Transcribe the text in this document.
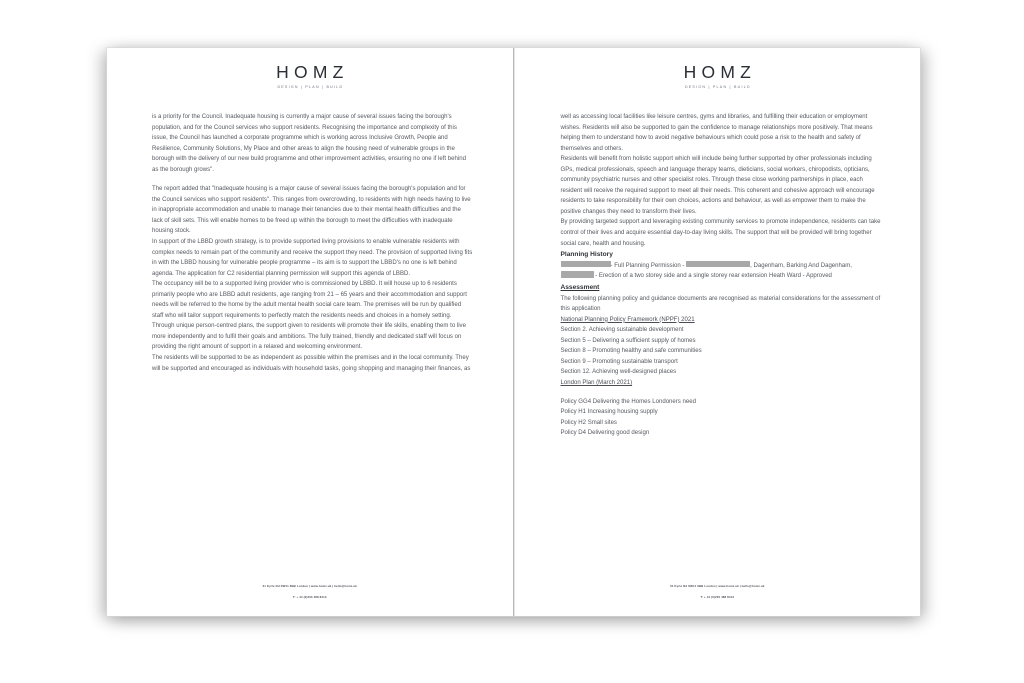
HOMZ
DESIGN | PLAN | BUILD

is a priority for the Council. Inadequate housing is currently a major cause of several issues facing the borough's population, and for the Council services who support residents. Recognising the importance and complexity of this issue, the Council has launched a corporate programme which is working across Inclusive Growth, People and Resilience, Community Solutions, My Place and other areas to align the housing need of vulnerable groups in the borough with the delivery of our new build programme and other improvement activities, ensuring no one if left behind as the borough grows".

The report added that "Inadequate housing is a major cause of several issues facing the borough's population and for the Council services who support residents". This ranges from overcrowding, to residents with high needs having to live in inappropriate accommodation and unable to manage their tenancies due to their mental health difficulties and the lack of skill sets. This will enable homes to be freed up within the borough to meet the difficulties with inadequate housing stock.

In support of the LBBD growth strategy, is to provide supported living provisions to enable vulnerable residents with complex needs to remain part of the community and receive the support they need. The provision of supported living fits in with the LBBD housing for vulnerable people programme – its aim is to support the LBBD's no one is left behind agenda. The application for C2 residential planning permission will support this agenda of LBBD.

The occupancy will be to a supported living provider who is commissioned by LBBD. It will house up to 6 residents primarily people who are LBBD adult residents, age ranging from 21 – 65 years and their accommodation and support needs will be referred to the home by the adult mental health social care team. The premises will be run by qualified staff who will tailor support requirements to perfectly match the residents needs and choices in a homely setting. Through unique person-centred plans, the support given to residents will promote their life skills, enabling them to live more independently and to fulfil their goals and ambitions. The fully trained, friendly and dedicated staff will focus on providing the right amount of support in a relaxed and welcoming environment.

The residents will be supported to be as independent as possible within the premises and in the local community. They will be supported and encouraged as individuals with household tasks, going shopping and managing their finances, as

31 Kyrle Rd SW11 6BB London | www.homz.uk | hello@homz.uk
T: + 44 (0)203 488 8413
HOMZ
DESIGN | PLAN | BUILD

well as accessing local facilities like leisure centres, gyms and libraries, and fulfilling their education or employment wishes. Residents will also be supported to gain the confidence to manage relationships more positively. That means helping them to understand how to avoid negative behaviours which could pose a risk to the health and safety of themselves and others.

Residents will benefit from holistic support which will include being further supported by other professionals including GPs, medical professionals, speech and language therapy teams, dieticians, social workers, chiropodists, opticians, community psychiatric nurses and other specialist roles. Through these close working partnerships in place, each resident will receive the required support to meet all their needs. This coherent and cohesive approach will encourage residents to take responsibility for their own choices, actions and behaviour, as well as empower them to make the positive changes they need to transform their lives.

By providing targeted support and leveraging existing community services to promote independence, residents can take control of their lives and acquire essential day-to-day living skills. The support that will be provided will bring together social care, health and housing.

Planning History

- Full Planning Permission -	, Dagenham, Barking And Dagenham,  - Erection of a two storey side and a single storey rear extension Heath Ward - Approved

Assessment

The following planning policy and guidance documents are recognised as material considerations for the assessment of this application

National Planning Policy Framework (NPPF) 2021

Section 2. Achieving sustainable development

Section 5 – Delivering a sufficient supply of homes

Section 8 – Promoting healthy and safe communities

Section 9 – Promoting sustainable transport

Section 12. Achieving well-designed places

London Plan (March 2021)

Policy GG4 Delivering the Homes Londoners need

Policy H1 Increasing housing supply

Policy H2 Small sites

Policy D4 Delivering good design

31 Kyrle Rd SW11 6BB London | www.homz.uk | hello@homz.uk
T: + 44 (0)203 488 8413
